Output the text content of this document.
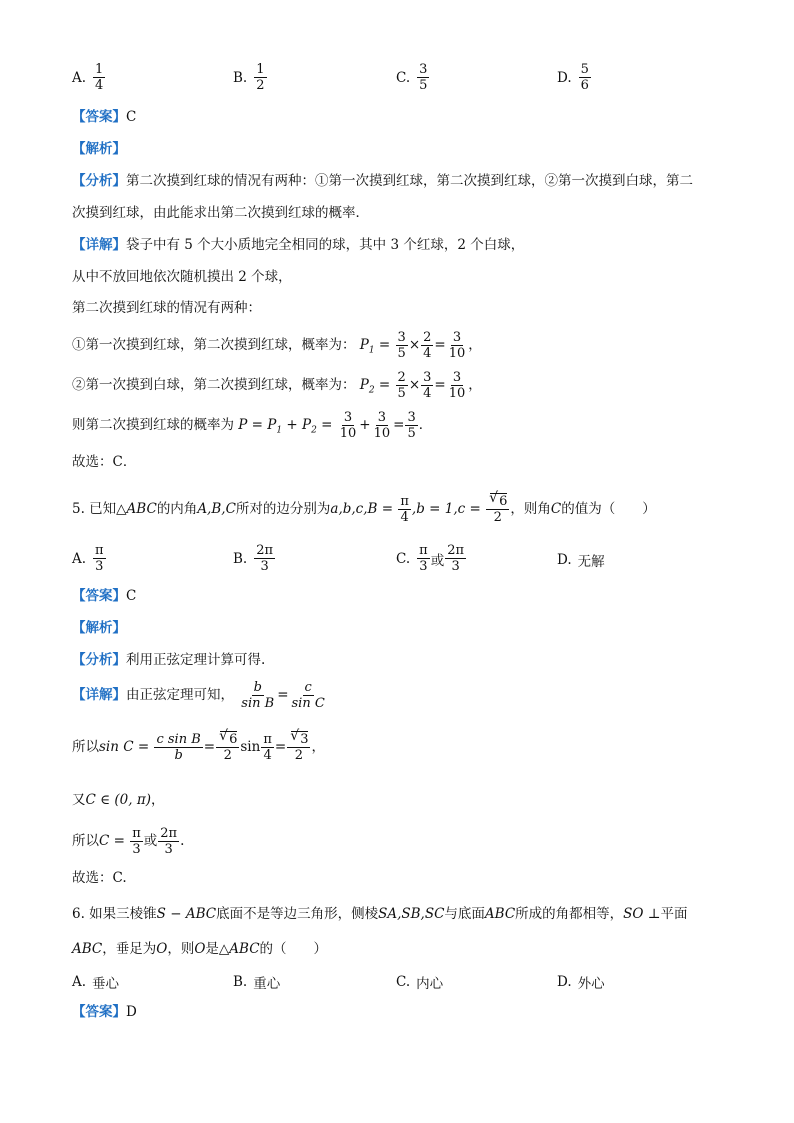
A. $\frac{1}{4}$	B. $\frac{1}{2}$	C. $\frac{3}{5}$	D. $\frac{5}{6}$
【答案】C
【解析】
【分析】第二次摸到红球的情况有两种：①第一次摸到红球，第二次摸到红球，②第一次摸到白球，第二
次摸到红球，由此能求出第二次摸到红球的概率．
【详解】袋子中有 5 个大小质地完全相同的球，其中 3 个红球，2 个白球，
从中不放回地依次随机摸出 2 个球，
第二次摸到红球的情况有两种：
①第一次摸到红球，第二次摸到红球，概率为： $P_1 = \frac{3}{5} \times \frac{2}{4} = \frac{3}{10}$ ，
②第一次摸到白球，第二次摸到红球，概率为： $P_2 = \frac{2}{5} \times \frac{3}{4} = \frac{3}{10}$ ，
则第二次摸到红球的概率为 $P = P_1 + P_2 = \frac{3}{10} + \frac{3}{10} = \frac{3}{5}$ ．
故选：C．
5. 已知△ABC的内角A,B,C所对的边分别为$a,b,c,B = \frac{\pi}{4} ,b = 1,c$ = √ $\frac{6}{2}$ ，则角C的值为（　　）
A. $\frac{\pi}{3}$	B. $\frac{2\pi}{3}$	C. $\frac{\pi}{3}$ 或 $\frac{2\pi}{3}$	D. 无解
【答案】C
【解析】
【分析】利用正弦定理计算可得.
【详解】由正弦定理可知， $\frac{b}{\text{sin B}} = \frac{c}{\text{sin C}}$
所以$\sin C = \frac{\text{c sin B}}{b}$ = √ $\frac{6}{2}$ $\sin \frac{\pi}{4}$ = √ $\frac{3}{2}$ ，
又C ∈ (0, π)，
所以$C = \frac{\pi}{3}$ 或 $\frac{2\pi}{3}$ .
故选：C.
6. 如果三棱锥S − ABC底面不是等边三角形，侧棱SA,SB,SC与底面ABC所成的角都相等，SO ⊥平面
ABC，垂足为O，则O是△ABC的（　　）
A. 垂心	B. 重心	C. 内心	D. 外心
【答案】D
